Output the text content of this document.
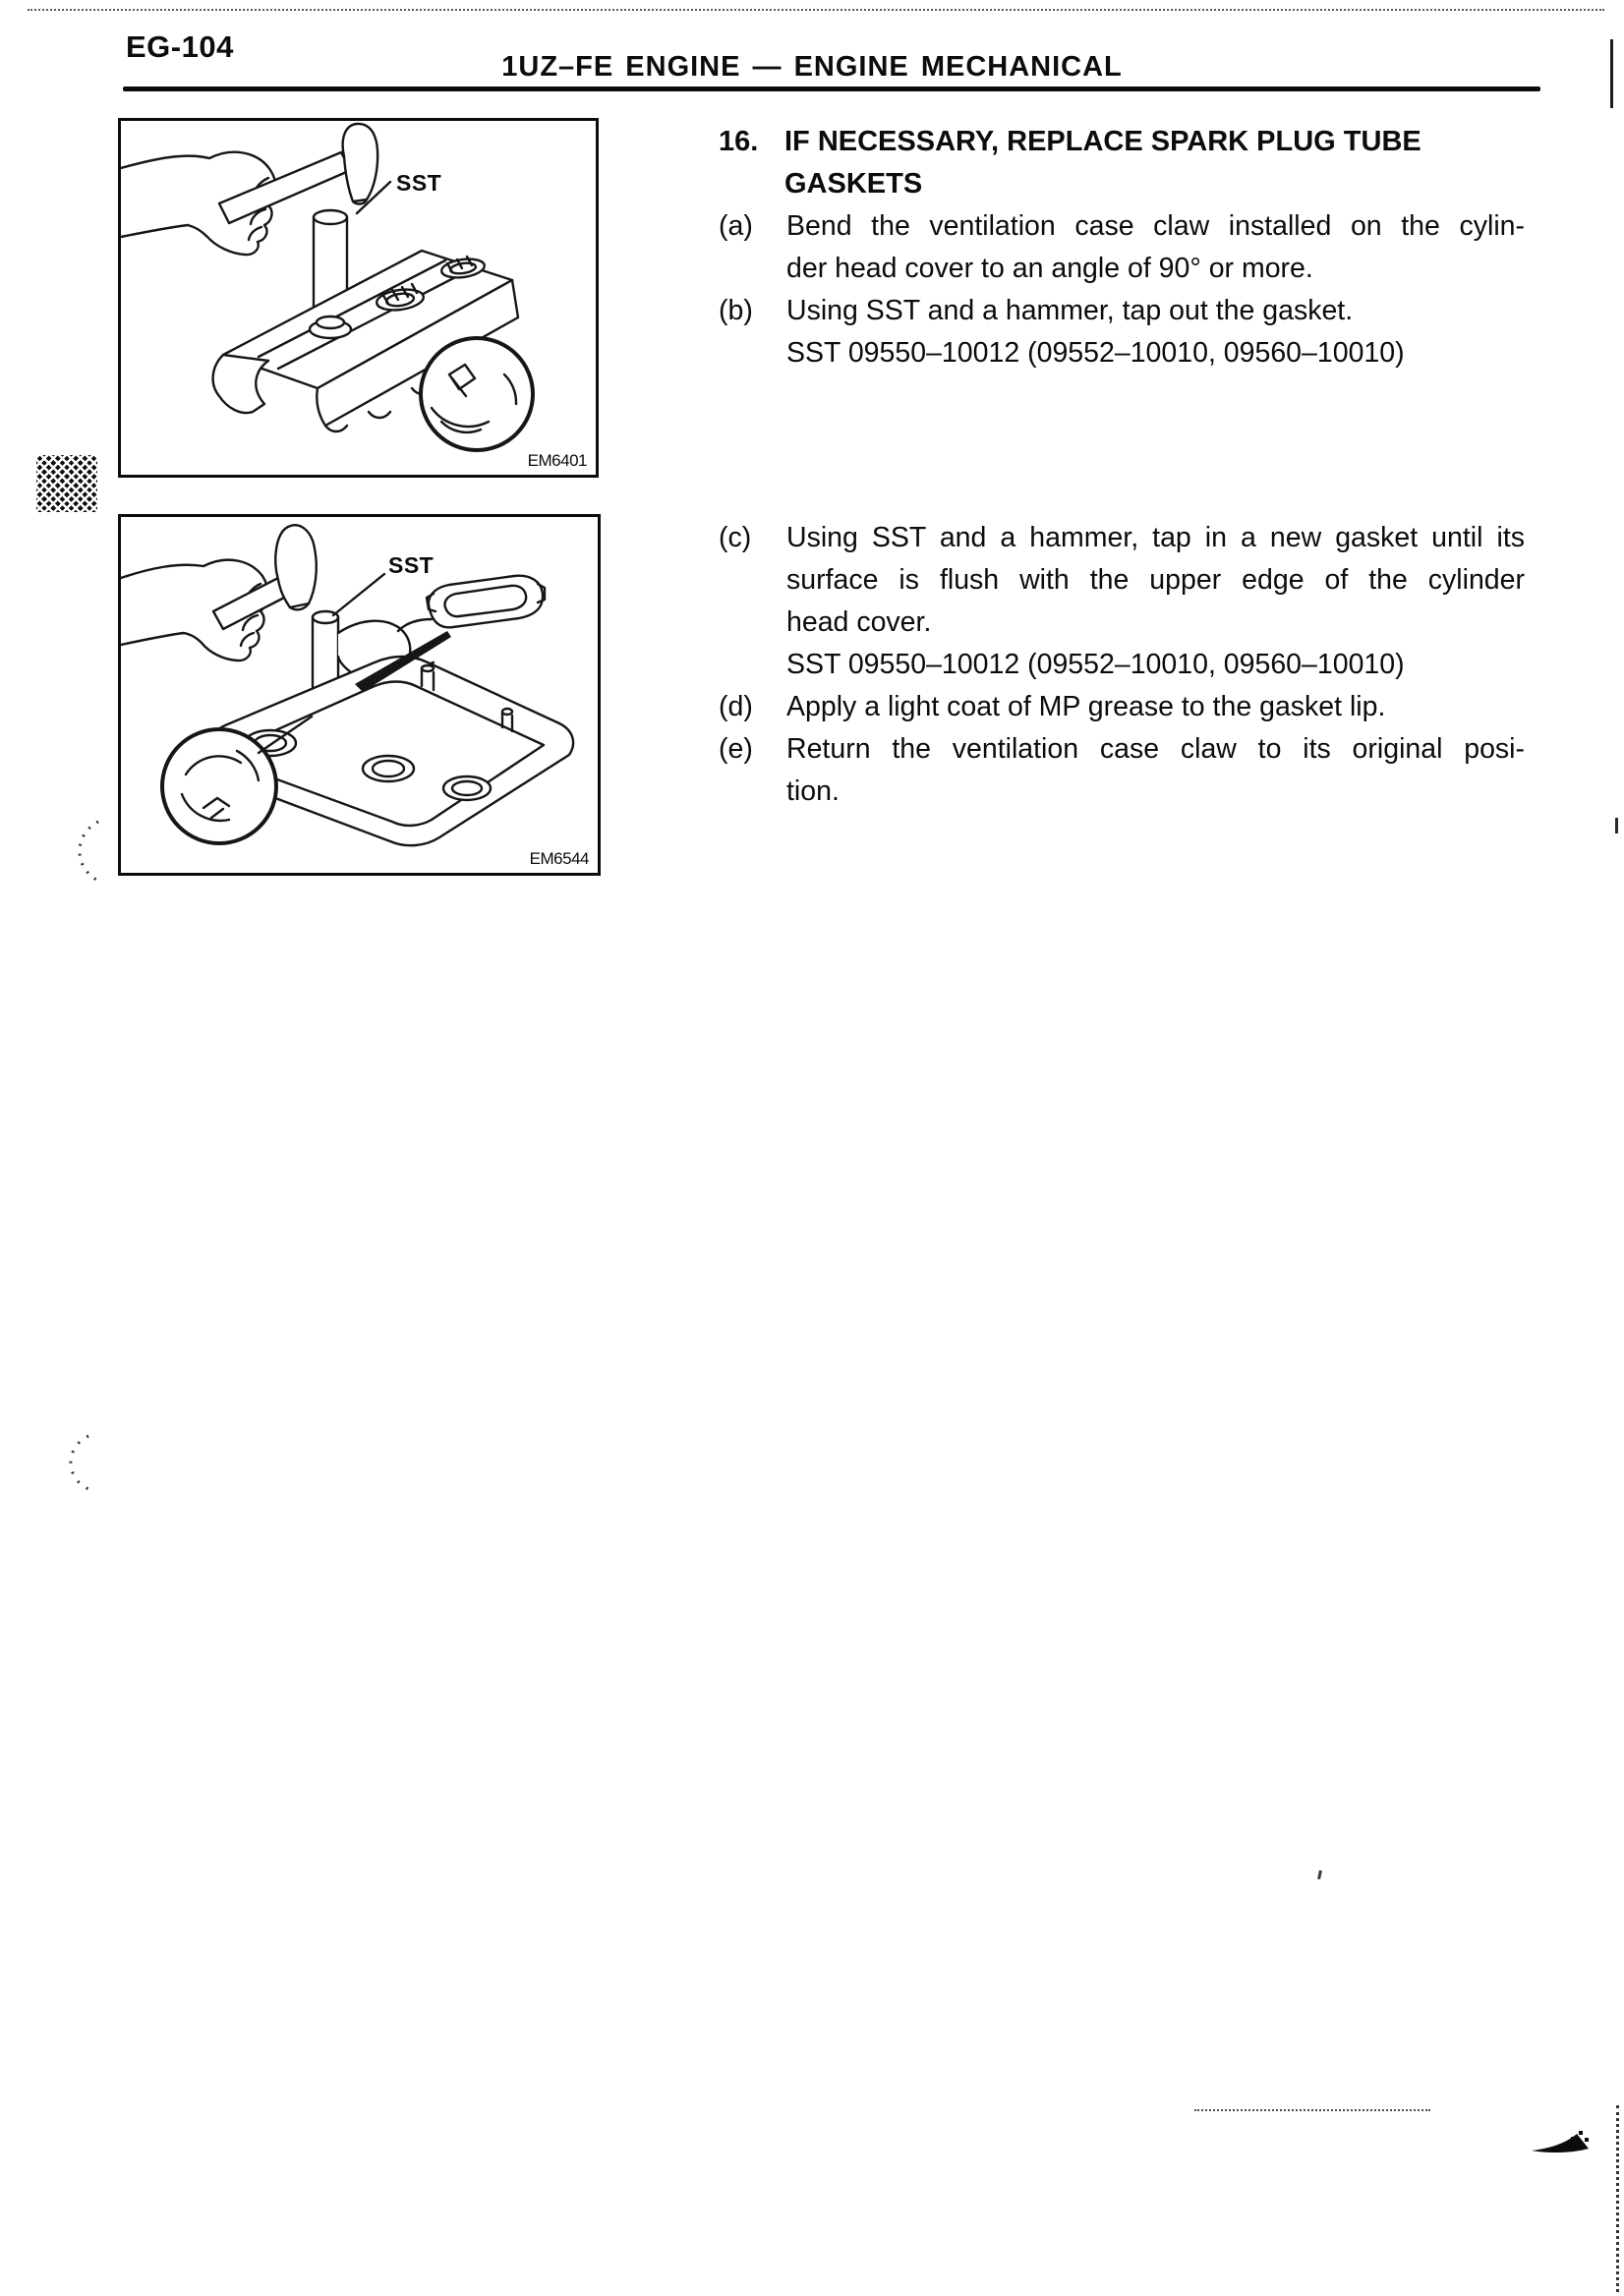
EG-104
1UZ–FE ENGINE — ENGINE MECHANICAL
SST
EM6401
SST
EM6544
16. IF NECESSARY, REPLACE SPARK PLUG TUBE
GASKETS
(a)	Bend the ventilation case claw installed on the cylin-
der head cover to an angle of 90° or more.
(b)	Using SST and a hammer, tap out the gasket.
SST 09550–10012 (09552–10010, 09560–10010)
(c)	Using SST and a hammer, tap in a new gasket until its
surface is flush with the upper edge of the cylinder
head cover.
SST 09550–10012 (09552–10010, 09560–10010)
(d)	Apply a light coat of MP grease to the gasket lip.
(e)	Return the ventilation case claw to its original posi-
tion.
